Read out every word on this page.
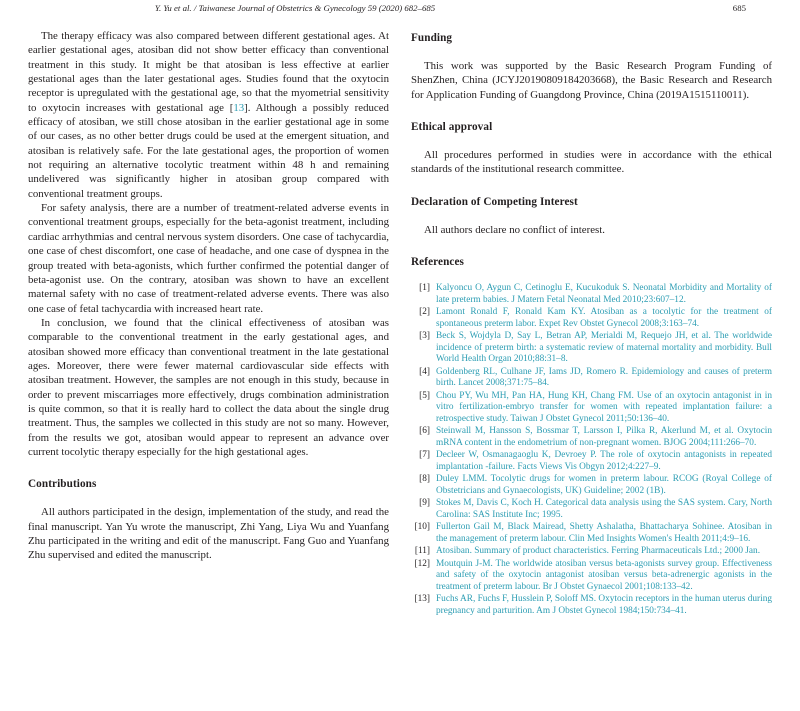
Y. Yu et al. / Taiwanese Journal of Obstetrics & Gynecology 59 (2020) 682–685	685

The therapy efficacy was also compared between different gestational ages. At earlier gestational ages, atosiban did not show better efficacy than conventional treatment in this study. It might be that atosiban is less effective at earlier gestational ages than the later gestational ages. Studies found that the oxytocin receptor is upregulated with the gestational age, so that the myometrial sensitivity to oxytocin increases with gestational age [13]. Although a possibly reduced efficacy of atosiban, we still chose atosiban in the earlier gestational age in some of our cases, as no other better drugs could be used at the emergent situation, and atosiban is relatively safe. For the late gestational ages, the proportion of women not requiring an alternative tocolytic treatment within 48 h and remaining undelivered was significantly higher in atosiban group compared with conventional treatment groups.

For safety analysis, there are a number of treatment-related adverse events in conventional treatment groups, especially for the beta-agonist treatment, including cardiac arrhythmias and central nervous system disorders. One case of tachycardia, one case of chest discomfort, one case of headache, and one case of dyspnea in the group treated with beta-agonists, which further confirmed the potential danger of beta-agonist use. On the contrary, atosiban was shown to have an excellent maternal safety with no case of treatment-related adverse events. There was also one case of fetal tachycardia with increased heart rate.

In conclusion, we found that the clinical effectiveness of atosiban was comparable to the conventional treatment in the early gestational ages, and atosiban showed more efficacy than conventional treatment in the late gestational ages. Moreover, there were fewer maternal cardiovascular side effects with atosiban treatment. However, the samples are not enough in this study, because in order to prevent miscarriages more effectively, drugs combination administration is quite common, so that it is really hard to collect the data about the single drug treatment. Thus, the samples we collected in this study are not so many. However, from the results we got, atosiban would appear to represent an advance over current tocolytic therapy especially for the high gestational ages.

Contributions

All authors participated in the design, implementation of the study, and read the final manuscript. Yan Yu wrote the manuscript, Zhi Yang, Liya Wu and Yuanfang Zhu participated in the writing and edit of the manuscript. Fang Guo and Yuanfang Zhu supervised and edited the manuscript.

Funding

This work was supported by the Basic Research Program Funding of ShenZhen, China (JCYJ20190809184203668), the Basic Research and Research for Application Funding of Guangdong Province, China (2019A1515110011).

Ethical approval

All procedures performed in studies were in accordance with the ethical standards of the institutional research committee.

Declaration of Competing Interest

All authors declare no conflict of interest.

References
[1] Kalyoncu O, Aygun C, Cetinoglu E, Kucukoduk S. Neonatal Morbidity and Mortality of late preterm babies. J Matern Fetal Neonatal Med 2010;23:607–12.
[2] Lamont Ronald F, Ronald Kam KY. Atosiban as a tocolytic for the treatment of spontaneous preterm labor. Expet Rev Obstet Gynecol 2008;3:163–74.
[3] Beck S, Wojdyla D, Say L, Betran AP, Merialdi M, Requejo JH, et al. The worldwide incidence of preterm birth: a systematic review of maternal mortality and morbidity. Bull World Health Organ 2010;88:31–8.
[4] Goldenberg RL, Culhane JF, Iams JD, Romero R. Epidemiology and causes of preterm birth. Lancet 2008;371:75–84.
[5] Chou PY, Wu MH, Pan HA, Hung KH, Chang FM. Use of an oxytocin antagonist in in vitro fertilization-embryo transfer for women with repeated implantation failure: a retrospective study. Taiwan J Obstet Gynecol 2011;50:136–40.
[6] Steinwall M, Hansson S, Bossmar T, Larsson I, Pilka R, Akerlund M, et al. Oxytocin mRNA content in the endometrium of non-pregnant women. BJOG 2004;111:266–70.
[7] Decleer W, Osmanagaoglu K, Devroey P. The role of oxytocin antagonists in repeated implantation -failure. Facts Views Vis Obgyn 2012;4:227–9.
[8] Duley LMM. Tocolytic drugs for women in preterm labour. RCOG (Royal College of Obstetricians and Gynaecologists, UK) Guideline; 2002 (1B).
[9] Stokes M, Davis C, Koch H. Categorical data analysis using the SAS system. Cary, North Carolina: SAS Institute Inc; 1995.
[10] Fullerton Gail M, Black Mairead, Shetty Ashalatha, Bhattacharya Sohinee. Atosiban in the management of preterm labour. Clin Med Insights Women's Health 2011;4:9–16.
[11] Atosiban. Summary of product characteristics. Ferring Pharmaceuticals Ltd.; 2000 Jan.
[12] Moutquin J-M. The worldwide atosiban versus beta-agonists survey group. Effectiveness and safety of the oxytocin antagonist atosiban versus beta-adrenergic agonists in the treatment of preterm labour. Br J Obstet Gynaecol 2001;108:133–42.
[13] Fuchs AR, Fuchs F, Husslein P, Soloff MS. Oxytocin receptors in the human uterus during pregnancy and parturition. Am J Obstet Gynecol 1984;150:734–41.
